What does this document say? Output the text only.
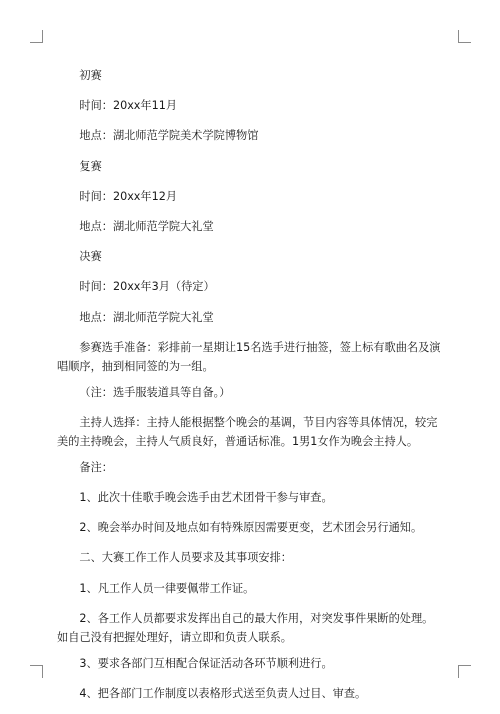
初赛

时间：20xx年11月

地点：湖北师范学院美术学院博物馆

复赛

时间：20xx年12月

地点：湖北师范学院大礼堂

决赛

时间：20xx年3月（待定）

地点：湖北师范学院大礼堂

参赛选手准备：彩排前一星期让15名选手进行抽签，签上标有歌曲名及演唱顺序，抽到相同签的为一组。

（注：选手服装道具等自备。）

主持人选择：主持人能根据整个晚会的基调，节目内容等具体情况，较完美的主持晚会，主持人气质良好，普通话标准。1男1女作为晚会主持人。

备注：

1、此次十佳歌手晚会选手由艺术团骨干参与审查。

2、晚会举办时间及地点如有特殊原因需要更变，艺术团会另行通知。

二、大赛工作工作人员要求及其事项安排：

1、凡工作人员一律要佩带工作证。

2、各工作人员都要求发挥出自己的最大作用，对突发事件果断的处理。如自己没有把握处理好，请立即和负责人联系。

3、要求各部门互相配合保证活动各环节顺利进行。

4、把各部门工作制度以表格形式送至负责人过目、审查。
